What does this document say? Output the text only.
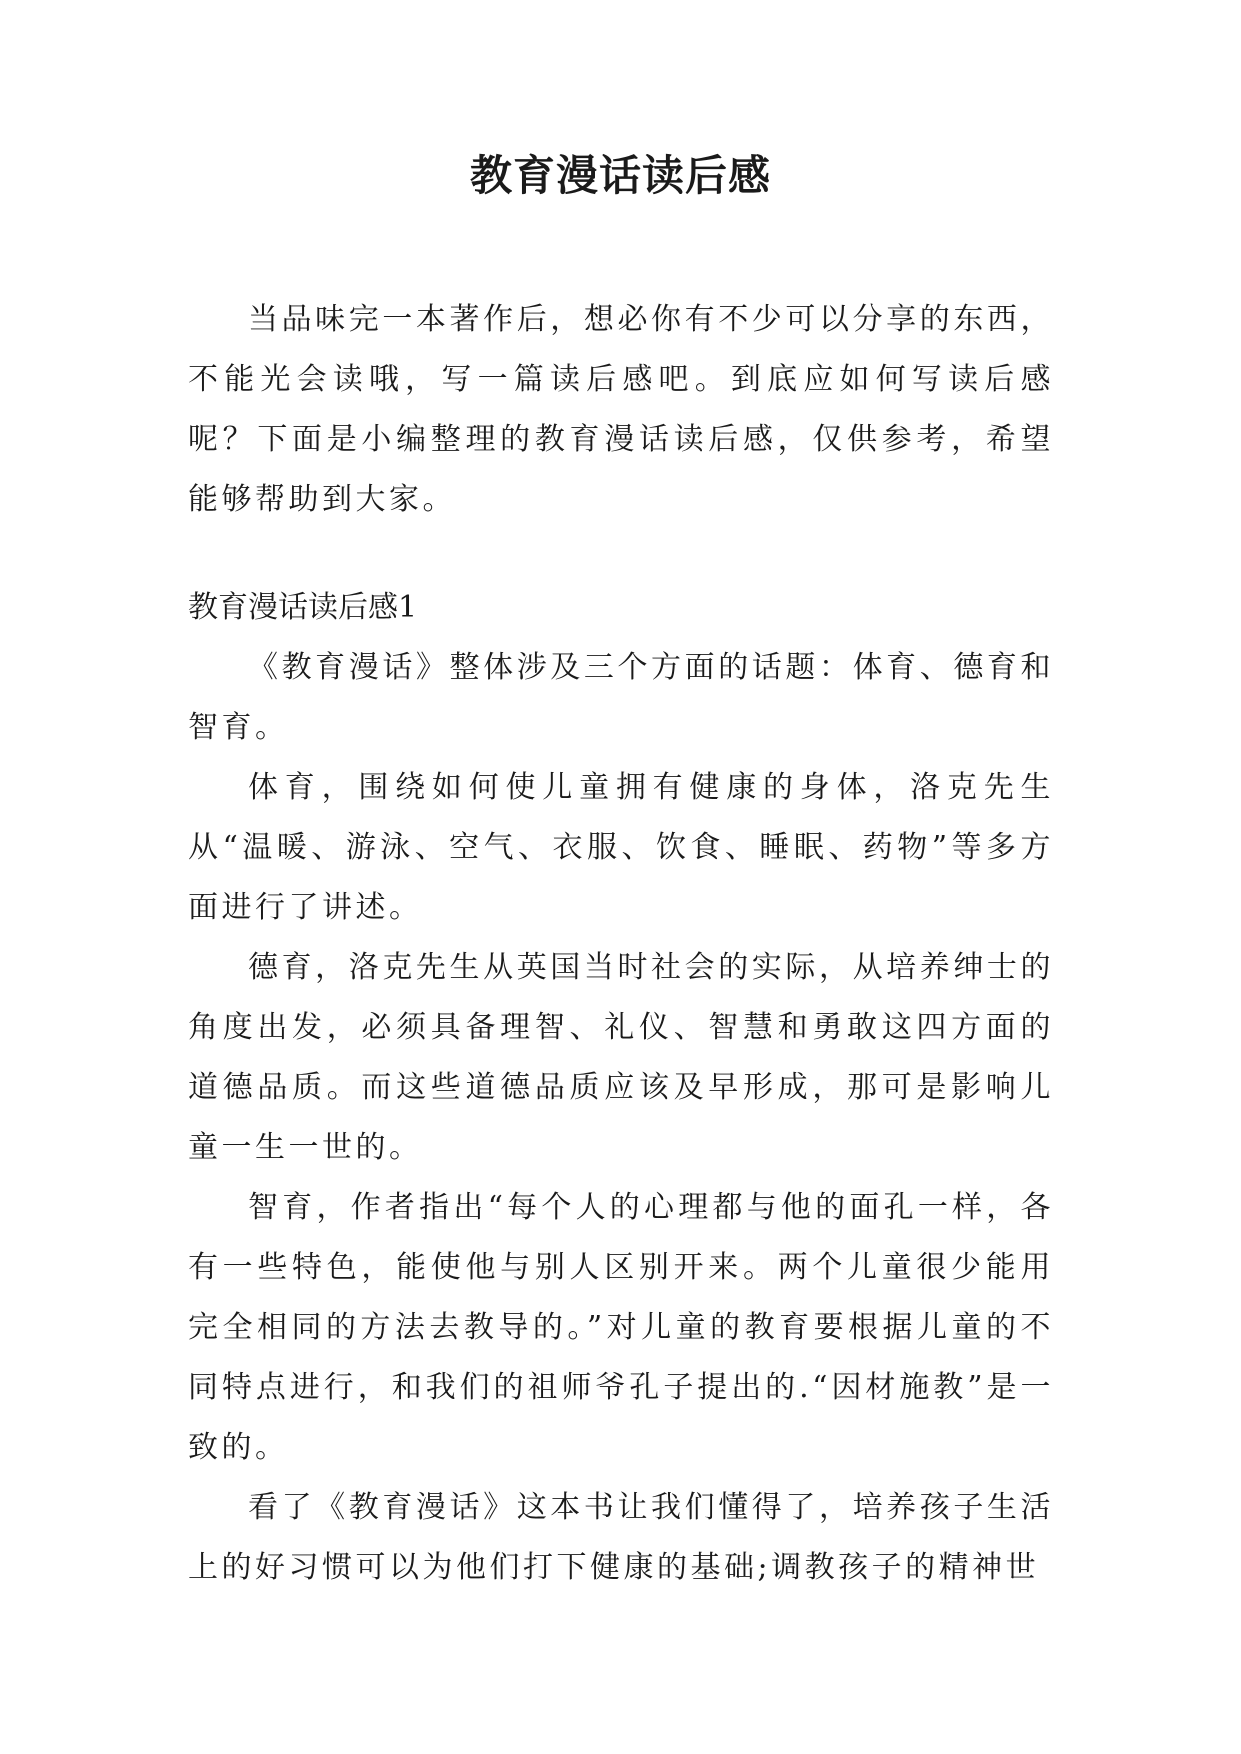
教育漫话读后感

当品味完一本著作后，想必你有不少可以分享的东西，不能光会读哦，写一篇读后感吧。到底应如何写读后感呢？下面是小编整理的教育漫话读后感，仅供参考，希望能够帮助到大家。

教育漫话读后感1

《教育漫话》整体涉及三个方面的话题：体育、德育和智育。

体育，围绕如何使儿童拥有健康的身体，洛克先生从“温暖、游泳、空气、衣服、饮食、睡眠、药物”等多方面进行了讲述。

德育，洛克先生从英国当时社会的实际，从培养绅士的角度出发，必须具备理智、礼仪、智慧和勇敢这四方面的道德品质。而这些道德品质应该及早形成，那可是影响儿童一生一世的。

智育，作者指出“每个人的心理都与他的面孔一样，各有一些特色，能使他与别人区别开来。两个儿童很少能用完全相同的方法去教导的。”对儿童的教育要根据儿童的不同特点进行，和我们的祖师爷孔子提出的.“因材施教”是一致的。

看了《教育漫话》这本书让我们懂得了，培养孩子生活上的好习惯可以为他们打下健康的基础;调教孩子的精神世
